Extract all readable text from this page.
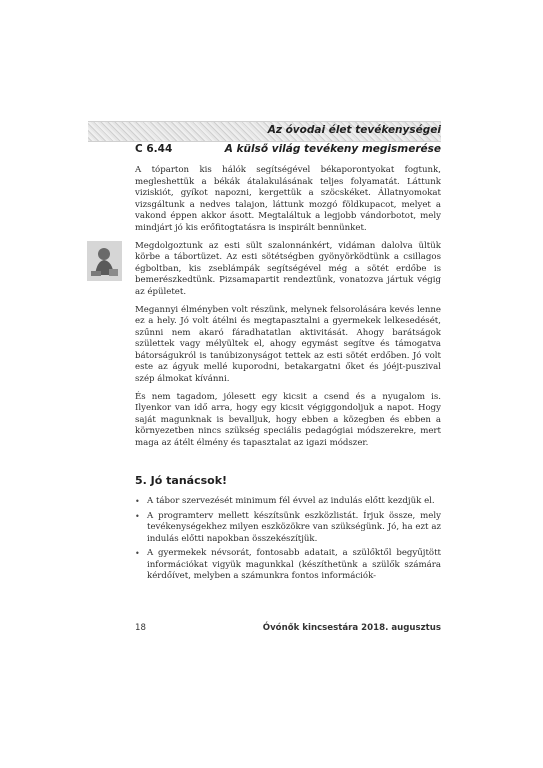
Az óvodai élet tevékenységei
C 6.44	A külső világ tevékeny megismerése

A tóparton kis hálók segítségével békaporontyokat fogtunk, megleshettük a békák átalakulásának teljes folyamatát. Láttunk viziskiót, gyíkot napozni, kergettük a szöcskéket. Állatnyomokat vizsgáltunk a nedves talajon, láttunk mozgó földkupacot, melyet a vakond éppen akkor ásott. Megtaláltuk a legjobb vándorbotot, mely mindjárt jó kis erőfitogtatásra is inspirált bennünket.

Megdolgoztunk az esti sült szalonnánkért, vidáman dalolva ültük körbe a tábortüzet. Az esti sötétségben gyönyörködtünk a csillagos égboltban, kis zseblámpák segítségével még a sötét erdőbe is bemerészkedtünk. Pizsamapartit rendeztünk, vonatozva jártuk végig az épületet.

Megannyi élményben volt részünk, melynek felsorolására kevés lenne ez a hely. Jó volt átélni és megtapasztalni a gyermekek lelkesedését, szűnni nem akaró fáradhatatlan aktivitását. Ahogy barátságok születtek vagy mélyültek el, ahogy egymást segítve és támogatva bátorságukról is tanúbizonyságot tettek az esti sötét erdőben. Jó volt este az ágyuk mellé kuporodni, betakargatni őket és jóéjt-puszival szép álmokat kívánni.

És nem tagadom, jólesett egy kicsit a csend és a nyugalom is. Ilyenkor van idő arra, hogy egy kicsit végiggondoljuk a napot. Hogy saját magunknak is bevalljuk, hogy ebben a közegben és ebben a környezetben nincs szükség speciális pedagógiai módszerekre, mert maga az átélt élmény és tapasztalat az igazi módszer.

5. Jó tanácsok!
• A tábor szervezését minimum fél évvel az indulás előtt kezdjük el.
• A programterv mellett készítsünk eszközlistát. Írjuk össze, mely tevékenységekhez milyen eszközökre van szükségünk. Jó, ha ezt az indulás előtti napokban összekészítjük.
• A gyermekek névsorát, fontosabb adatait, a szülőktől begyűjtött információkat vigyük magunkkal (készíthetünk a szülők számára kérdőívet, melyben a számunkra fontos információk-
18	Óvónők kincsestára 2018. augusztus
